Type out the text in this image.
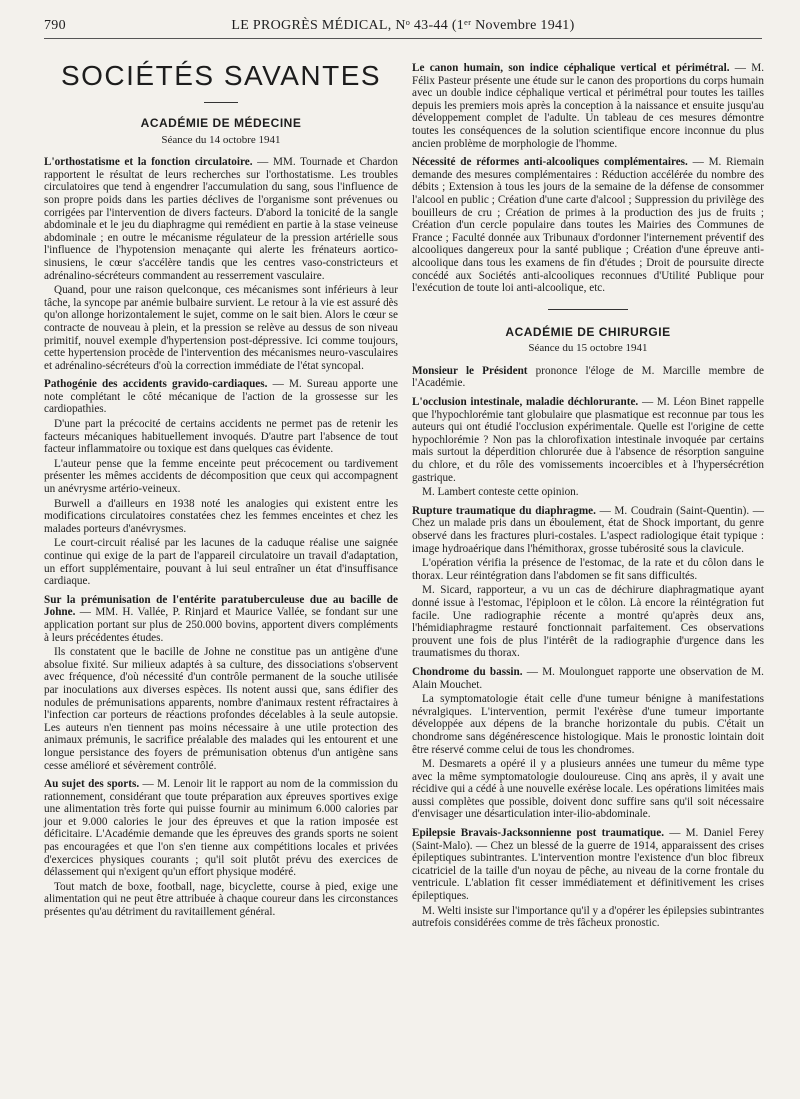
790	LE PROGRÈS MÉDICAL, Nᵒ 43-44 (1ᵉʳ Novembre 1941)
SOCIÉTÉS SAVANTES
ACADÉMIE DE MÉDECINE
Séance du 14 octobre 1941

L'orthostatisme et la fonction circulatoire. — MM. Tournade et Chardon rapportent le résultat de leurs recherches sur l'orthostatisme. Les troubles circulatoires que tend à engendrer l'accumulation du sang, sous l'influence de son propre poids dans les parties déclives de l'organisme sont prévenues ou corrigées par l'intervention de divers facteurs. D'abord la tonicité de la sangle abdominale et le jeu du diaphragme qui remédient en partie à la stase veineuse abdominale ; en outre le mécanisme régulateur de la pression artérielle sous l'influence de l'hypotension menaçante qui alerte les frénateurs aortico-sinusiens, le cœur s'accélère tandis que les centres vaso-constricteurs et adrénalino-sécréteurs commandent au resserrement vasculaire.

Quand, pour une raison quelconque, ces mécanismes sont inférieurs à leur tâche, la syncope par anémie bulbaire survient. Le retour à la vie est assuré dès qu'on allonge horizontalement le sujet, comme on le sait bien. Alors le cœur se contracte de nouveau à plein, et la pression se relève au dessus de son niveau primitif, nouvel exemple d'hypertension post-dépressive. Ici comme toujours, cette hypertension procède de l'intervention des mécanismes neuro-vasculaires et adrénalino-sécréteurs d'où la correction immédiate de l'état syncopal.

Pathogénie des accidents gravido-cardiaques. — M. Sureau apporte une note complétant le côté mécanique de l'action de la grossesse sur les cardiopathies.

D'une part la précocité de certains accidents ne permet pas de retenir les facteurs mécaniques habituellement invoqués. D'autre part l'absence de tout facteur inflammatoire ou toxique est dans quelques cas évidente.

L'auteur pense que la femme enceinte peut précocement ou tardivement présenter les mêmes accidents de décomposition que ceux qui accompagnent un anévrysme artério-veineux.

Burwell a d'ailleurs en 1938 noté les analogies qui existent entre les modifications circulatoires constatées chez les femmes enceintes et chez les malades porteurs d'anévrysmes.

Le court-circuit réalisé par les lacunes de la caduque réalise une saignée continue qui exige de la part de l'appareil circulatoire un travail d'adaptation, un effort supplémentaire, pouvant à lui seul entraîner un état d'insuffisance cardiaque.

Sur la prémunisation de l'entérite paratuberculeuse due au bacille de Johne. — MM. H. Vallée, P. Rinjard et Maurice Vallée, se fondant sur une application portant sur plus de 250.000 bovins, apportent divers compléments à leurs précédentes études.

Ils constatent que le bacille de Johne ne constitue pas un antigène d'une absolue fixité. Sur milieux adaptés à sa culture, des dissociations s'observent avec fréquence, d'où nécessité d'un contrôle permanent de la souche utilisée par inoculations aux diverses espèces. Ils notent aussi que, sans édifier des nodules de prémunisations apparents, nombre d'animaux restent réfractaires à l'infection car porteurs de réactions profondes décelables à la seule autopsie. Les auteurs n'en tiennent pas moins nécessaire à une utile protection des animaux prémunis, le sacrifice préalable des malades qui les entourent et une longue persistance des foyers de prémunisation obtenus d'un antigène sans cesse amélioré et sévèrement contrôlé.

Au sujet des sports. — M. Lenoir lit le rapport au nom de la commission du rationnement, considérant que toute préparation aux épreuves sportives exige une alimentation très forte qui puisse fournir au minimum 6.000 calories par jour et 9.000 calories le jour des épreuves et que la ration imposée est déficitaire. L'Académie demande que les épreuves des grands sports ne soient pas encouragées et que l'on s'en tienne aux compétitions locales et privées d'exercices physiques courants ; qu'il soit plutôt prévu des exercices de délassement qui n'exigent qu'un effort physique modéré.

Tout match de boxe, football, nage, bicyclette, course à pied, exige une alimentation qui ne peut être attribuée à chaque coureur dans les circonstances présentes qu'au détriment du ravitaillement général.

Le canon humain, son indice céphalique vertical et périmétral. — M. Félix Pasteur présente une étude sur le canon des proportions du corps humain avec un double indice céphalique vertical et périmétral pour toutes les tailles depuis les premiers mois après la conception à la naissance et ensuite jusqu'au développement complet de l'adulte. Un tableau de ces mesures démontre toutes les conséquences de la solution scientifique encore inconnue du plus ancien problème de morphologie de l'homme.

Nécessité de réformes anti-alcooliques complémentaires. — M. Riemain demande des mesures complémentaires : Réduction accélérée du nombre des débits ; Extension à tous les jours de la semaine de la défense de consommer l'alcool en public ; Création d'une carte d'alcool ; Suppression du privilège des bouilleurs de cru ; Création de primes à la production des jus de fruits ; Création d'un cercle populaire dans toutes les Mairies des Communes de France ; Faculté donnée aux Tribunaux d'ordonner l'internement préventif des alcooliques dangereux pour la santé publique ; Création d'une épreuve anti-alcoolique dans tous les examens de fin d'études ; Droit de poursuite directe concédé aux Sociétés anti-alcooliques reconnues d'Utilité Publique pour l'exécution de toute loi anti-alcoolique, etc.

ACADÉMIE DE CHIRURGIE
Séance du 15 octobre 1941

Monsieur le Président prononce l'éloge de M. Marcille membre de l'Académie.

L'occlusion intestinale, maladie déchlorurante. — M. Léon Binet rappelle que l'hypochlorémie tant globulaire que plasmatique est reconnue par tous les auteurs qui ont étudié l'occlusion expérimentale. Quelle est l'origine de cette hypochlorémie ? Non pas la chlorofixation intestinale invoquée par certains mais surtout la déperdition chlorurée due à l'absence de résorption sanguine du chlore, et du rôle des vomissements incoercibles et à l'hypersécrétion gastrique.

M. Lambert conteste cette opinion.

Rupture traumatique du diaphragme. — M. Coudrain (Saint-Quentin). — Chez un malade pris dans un éboulement, état de Shock important, du genre observé dans les fractures pluri-costales. L'aspect radiologique était typique : image hydroaérique dans l'hémithorax, grosse tubérosité sous la clavicule.

L'opération vérifia la présence de l'estomac, de la rate et du côlon dans le thorax. Leur réintégration dans l'abdomen se fit sans difficultés.

M. Sicard, rapporteur, a vu un cas de déchirure diaphragmatique ayant donné issue à l'estomac, l'épiploon et le côlon. Là encore la réintégration fut facile. Une radiographie récente a montré qu'après deux ans, l'hémidiaphragme restauré fonctionnait parfaitement. Ces observations prouvent une fois de plus l'intérêt de la radiographie d'urgence dans les traumatismes du thorax.

Chondrome du bassin. — M. Moulonguet rapporte une observation de M. Alain Mouchet.

La symptomatologie était celle d'une tumeur bénigne à manifestations névralgiques. L'intervention, permit l'exérèse d'une tumeur importante développée aux dépens de la branche horizontale du pubis. C'était un chondrome sans dégénérescence histologique. Mais le pronostic lointain doit être réservé comme celui de tous les chondromes.

M. Desmarets a opéré il y a plusieurs années une tumeur du même type avec la même symptomatologie douloureuse. Cinq ans après, il y avait une récidive qui a cédé à une nouvelle exérèse locale. Les opérations limitées mais aussi complètes que possible, doivent donc suffire sans qu'il soit nécessaire d'envisager une désarticulation inter-ilio-abdominale.

Epilepsie Bravais-Jacksonnienne post traumatique. — M. Daniel Ferey (Saint-Malo). — Chez un blessé de la guerre de 1914, apparaissent des crises épileptiques subintrantes. L'intervention montre l'existence d'un bloc fibreux cicatriciel de la taille d'un noyau de pêche, au niveau de la corne frontale du ventricule. L'ablation fit cesser immédiatement et définitivement les crises épileptiques.

M. Welti insiste sur l'importance qu'il y a d'opérer les épilepsies subintrantes autrefois considérées comme de très fâcheux pronostic.
